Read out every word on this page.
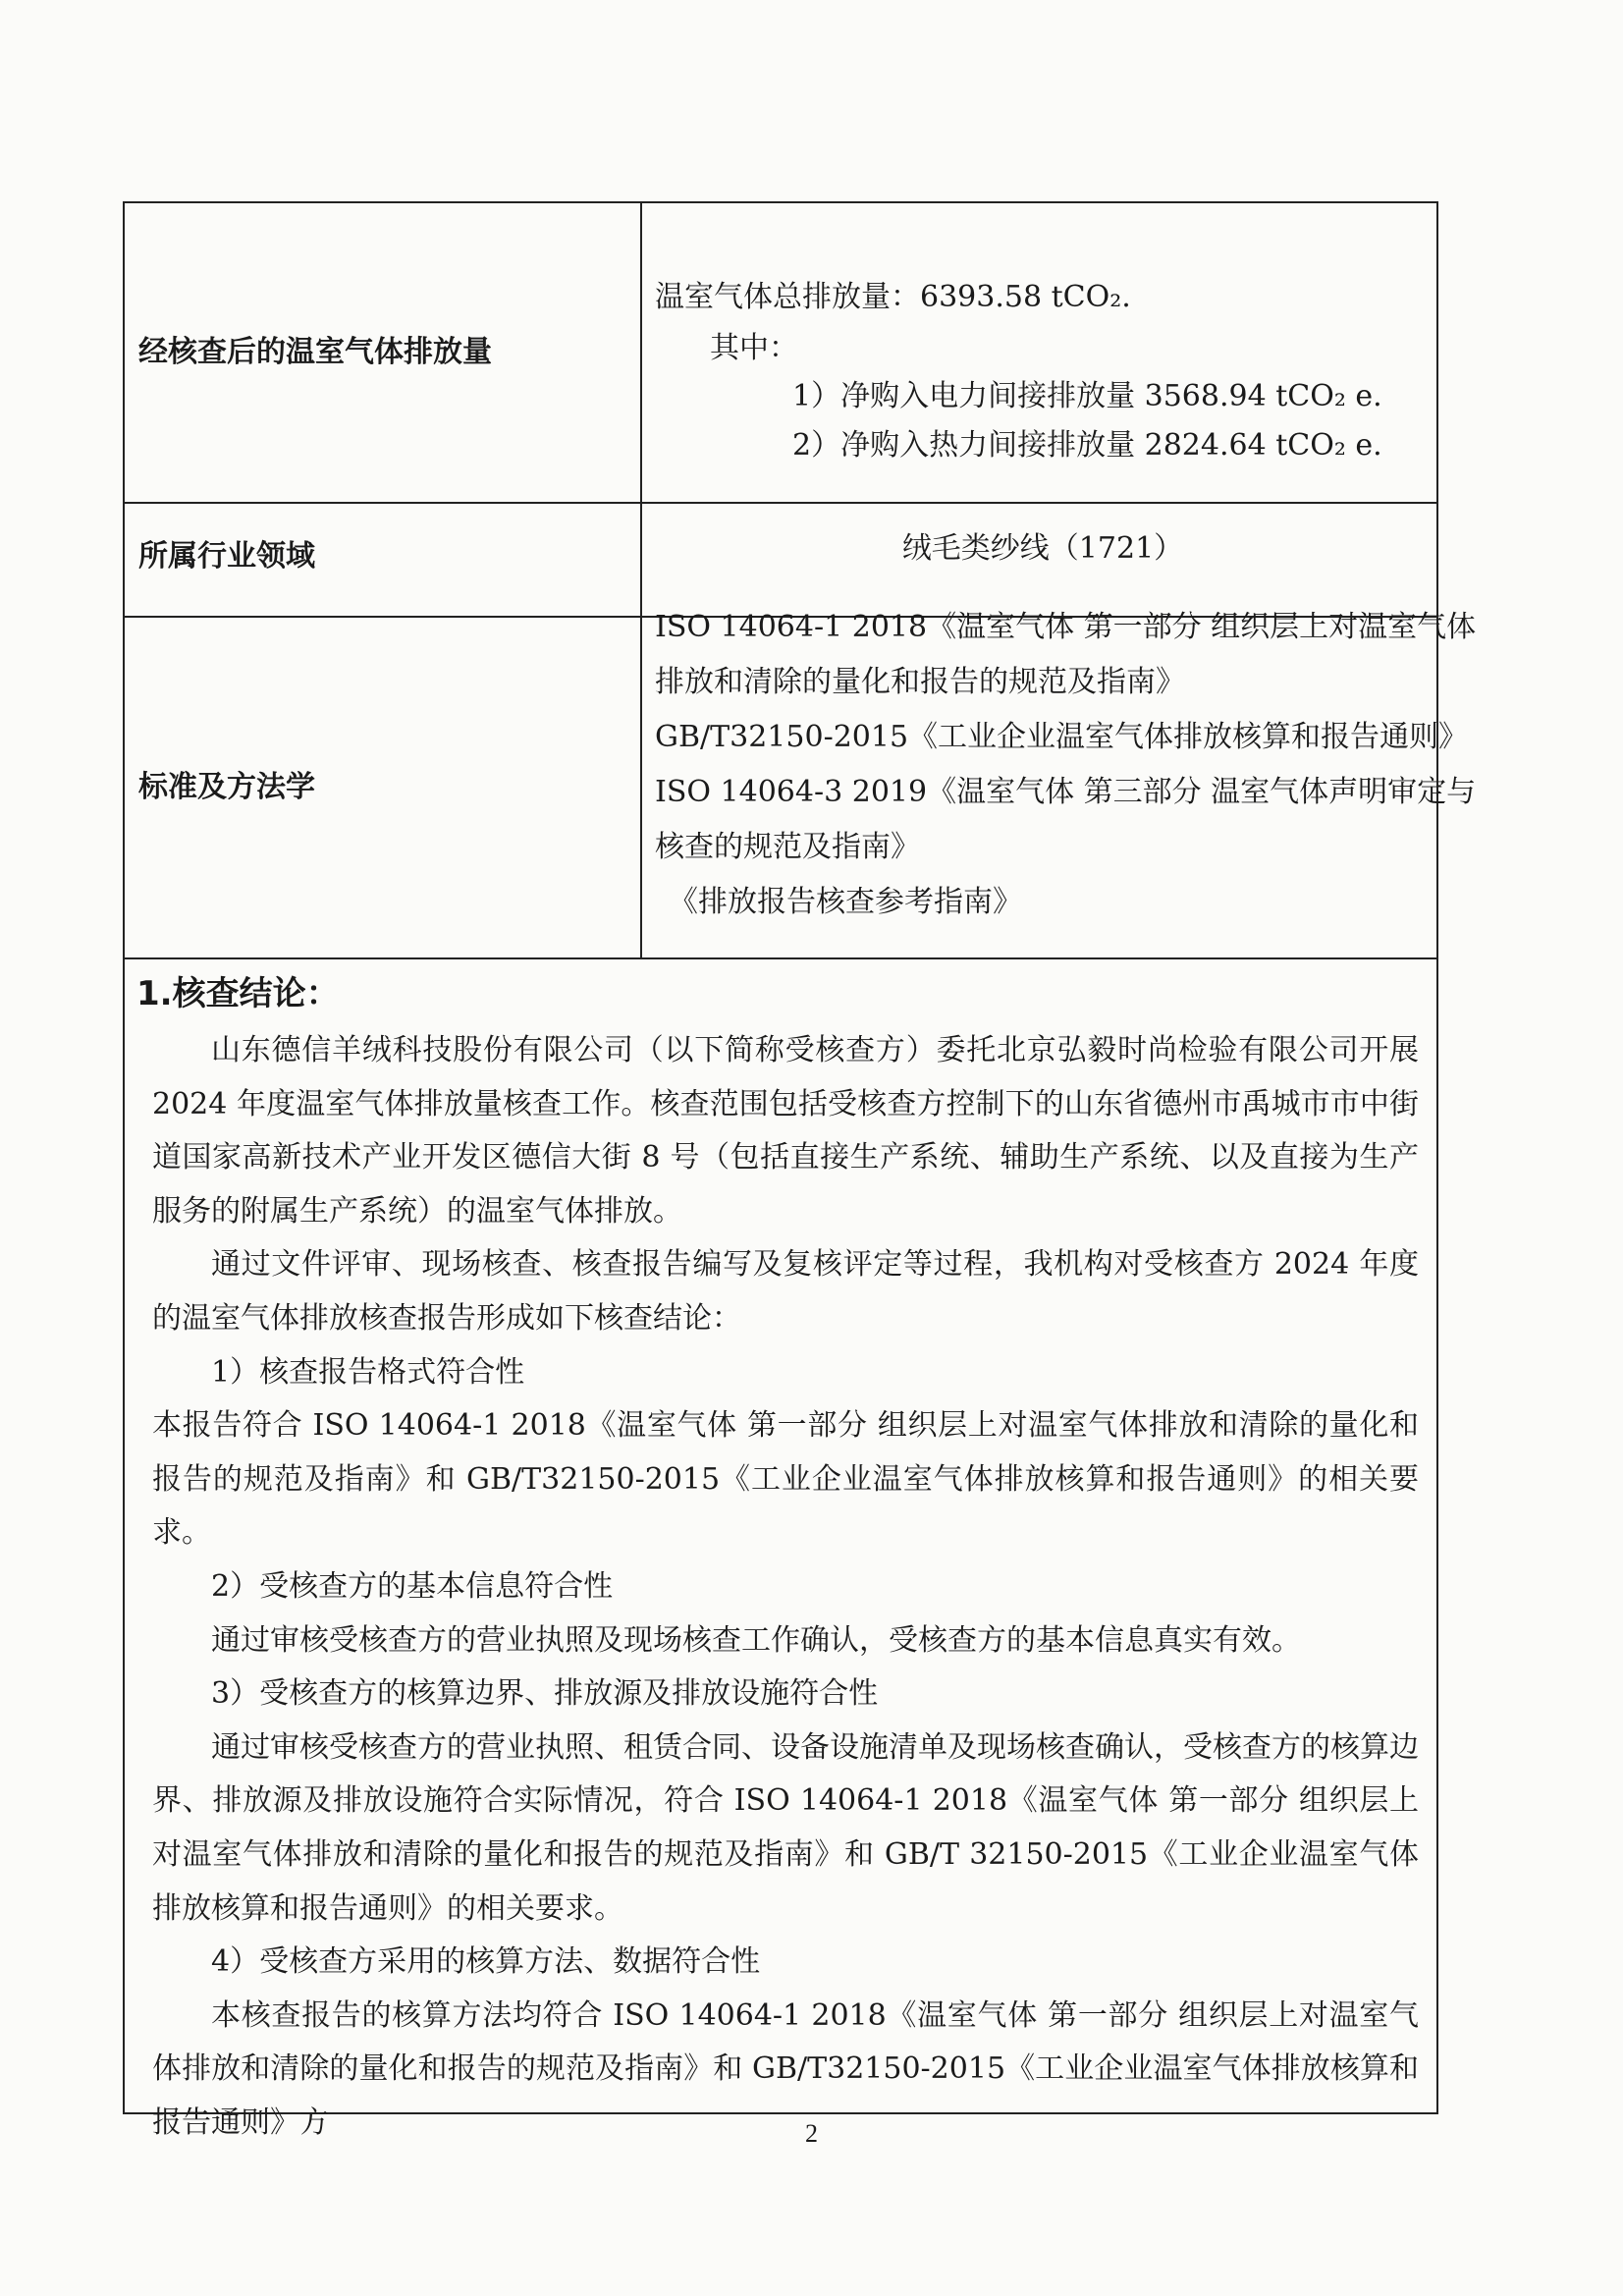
经核查后的温室气体排放量
温室气体总排放量：6393.58 tCO₂.
其中：
1）净购入电力间接排放量 3568.94 tCO₂ e.
2）净购入热力间接排放量 2824.64 tCO₂ e.
所属行业领域	绒毛类纱线（1721）
标准及方法学
ISO 14064-1 2018《温室气体 第一部分 组织层上对温室气体
排放和清除的量化和报告的规范及指南》
GB/T32150-2015《工业企业温室气体排放核算和报告通则》
ISO 14064-3 2019《温室气体 第三部分 温室气体声明审定与
核查的规范及指南》
《排放报告核查参考指南》
1.核查结论：

山东德信羊绒科技股份有限公司（以下简称受核查方）委托北京弘毅时尚检验有限公司开展 2024 年度温室气体排放量核查工作。核查范围包括受核查方控制下的山东省德州市禹城市市中街道国家高新技术产业开发区德信大街 8 号（包括直接生产系统、辅助生产系统、以及直接为生产服务的附属生产系统）的温室气体排放。

通过文件评审、现场核查、核查报告编写及复核评定等过程，我机构对受核查方 2024 年度的温室气体排放核查报告形成如下核查结论：

1）核查报告格式符合性

本报告符合 ISO 14064-1 2018《温室气体 第一部分 组织层上对温室气体排放和清除的量化和报告的规范及指南》和 GB/T32150-2015《工业企业温室气体排放核算和报告通则》的相关要求。

2）受核查方的基本信息符合性

通过审核受核查方的营业执照及现场核查工作确认，受核查方的基本信息真实有效。

3）受核查方的核算边界、排放源及排放设施符合性

通过审核受核查方的营业执照、租赁合同、设备设施清单及现场核查确认，受核查方的核算边界、排放源及排放设施符合实际情况，符合 ISO 14064-1 2018《温室气体 第一部分 组织层上对温室气体排放和清除的量化和报告的规范及指南》和 GB/T 32150-2015《工业企业温室气体排放核算和报告通则》的相关要求。

4）受核查方采用的核算方法、数据符合性

本核查报告的核算方法均符合 ISO 14064-1 2018《温室气体 第一部分 组织层上对温室气体排放和清除的量化和报告的规范及指南》和 GB/T32150-2015《工业企业温室气体排放核算和报告通则》方	2
